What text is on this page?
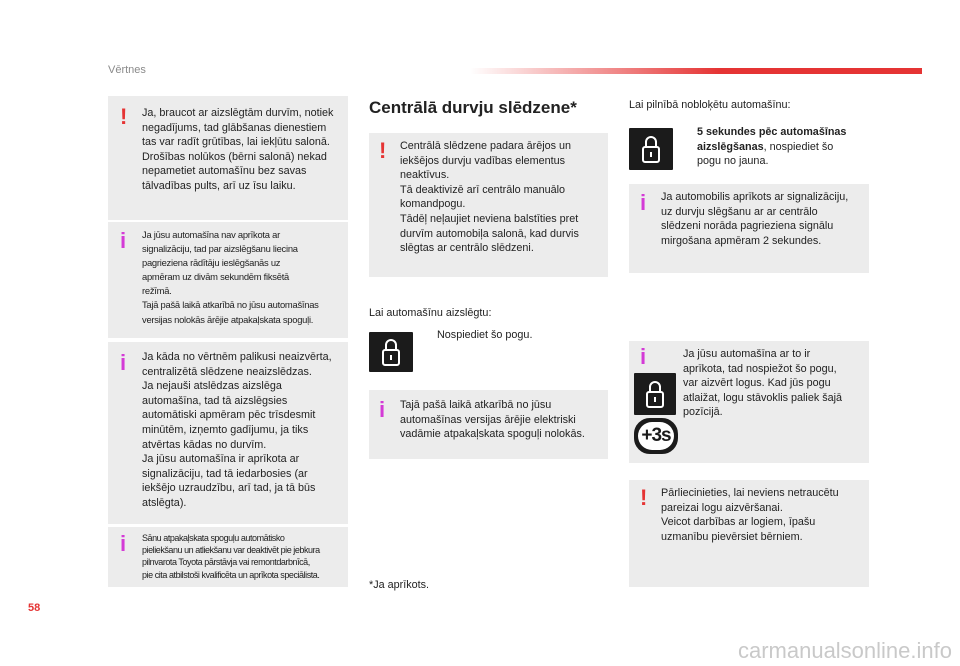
Vērtnes
! Ja, braucot ar aizslēgtām durvīm, notiek

negadījums, tad glābšanas dienestiem

tas var radīt grūtības, lai iekļūtu salonā.

Drošības nolūkos (bērni salonā) nekad

nepametiet automašīnu bez savas

tālvadības pults, arī uz īsu laiku.

i Ja jūsu automašīna nav aprīkota ar

signalizāciju, tad par aizslēgšanu liecina

pagrieziena rādītāju ieslēgšanās uz

apmēram uz divām sekundēm fiksētā

režīmā.

Tajā pašā laikā atkarībā no jūsu automašīnas

versijas nolokās ārējie atpakaļskata spoguļi.

i Ja kāda no vērtnēm palikusi neaizvērta,

centralizētā slēdzene neaizslēdzas.

Ja nejauši atslēdzas aizslēga

automašīna, tad tā aizslēgsies

automātiski apmēram pēc trīsdesmit

minūtēm, izņemto gadījumu, ja tiks

atvērtas kādas no durvīm.

Ja jūsu automašīna ir aprīkota ar

signalizāciju, tad tā iedarbosies (ar

iekšējo uzraudzību, arī tad, ja tā būs

atslēgta).

i Sānu atpakaļskata spoguļu automātisko

pieliekšanu un atliekšanu var deaktivēt pie jebkura

pilnvarota Toyota pārstāvja vai remontdarbnīcā,

pie cita atbilstoši kvalificēta un aprīkota speciālista.

Centrālā durvju slēdzene*
! Centrālā slēdzene padara ārējos un

iekšējos durvju vadības elementus

neaktīvus.

Tā deaktivizē arī centrālo manuālo

komandpogu.

Tādēļ neļaujiet neviena balstīties pret

durvīm automobiļa salonā, kad durvis

slēgtas ar centrālo slēdzeni.

Lai automašīnu aizslēgtu:

Nospiediet šo pogu.
i Tajā pašā laikā atkarībā no jūsu

automašīnas versijas ārējie elektriski

vadāmie atpakaļskata spoguļi nolokās.

*Ja aprīkots.

Lai pilnībā nobloķētu automašīnu:

5 sekundes pēc automašīnas
aizslēgšanas, nospiediet šo
pogu no jauna.
i Ja automobilis aprīkots ar signalizāciju,

uz durvju slēgšanu ar ar centrālo

slēdzeni norāda pagrieziena signālu

mirgošana apmēram 2 sekundes.

i
+3s

Ja jūsu automašīna ar to ir

aprīkota, tad nospiežot šo pogu,

var aizvērt logus. Kad jūs pogu

atlaižat, logu stāvoklis paliek šajā

pozīcijā.

! Pārliecinieties, lai neviens netraucētu

pareizai logu aizvēršanai.

Veicot darbības ar logiem, īpašu

uzmanību pievērsiet bērniem.

58
carmanualsonline.info
